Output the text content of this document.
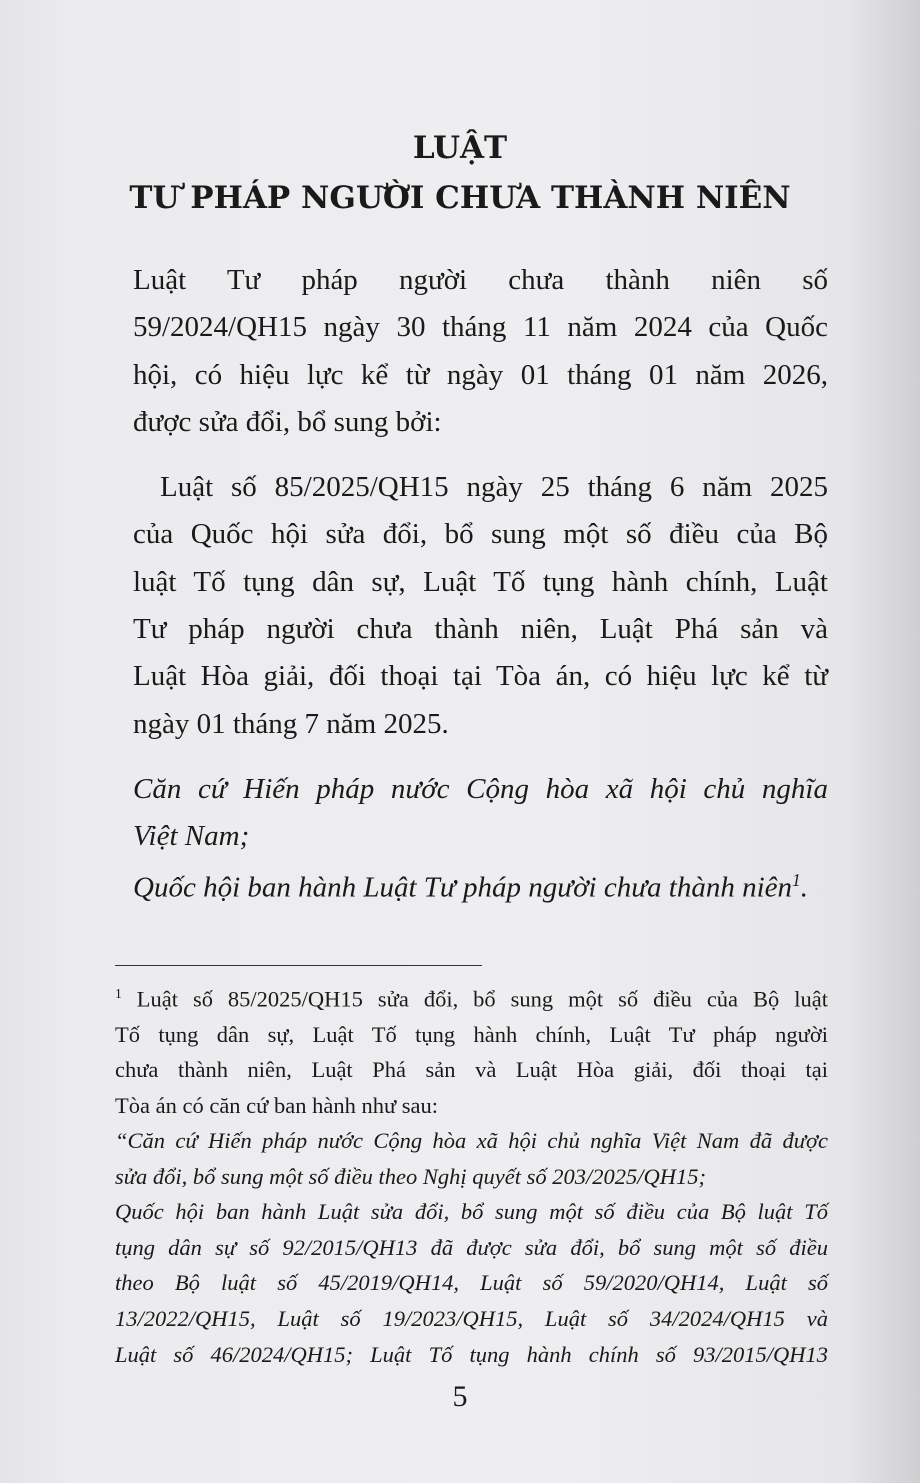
LUẬT
TƯ PHÁP NGƯỜI CHƯA THÀNH NIÊN
Luật Tư pháp người chưa thành niên số
59/2024/QH15 ngày 30 tháng 11 năm 2024 của Quốc
hội, có hiệu lực kể từ ngày 01 tháng 01 năm 2026,
được sửa đổi, bổ sung bởi:
Luật số 85/2025/QH15 ngày 25 tháng 6 năm 2025
của Quốc hội sửa đổi, bổ sung một số điều của Bộ
luật Tố tụng dân sự, Luật Tố tụng hành chính, Luật
Tư pháp người chưa thành niên, Luật Phá sản và
Luật Hòa giải, đối thoại tại Tòa án, có hiệu lực kể từ
ngày 01 tháng 7 năm 2025.
Căn cứ Hiến pháp nước Cộng hòa xã hội chủ nghĩa
Việt Nam;
Quốc hội ban hành Luật Tư pháp người chưa thành niên$^1$.
$^1$ Luật số 85/2025/QH15 sửa đổi, bổ sung một số điều của Bộ luật
Tố tụng dân sự, Luật Tố tụng hành chính, Luật Tư pháp người
chưa thành niên, Luật Phá sản và Luật Hòa giải, đối thoại tại
Tòa án có căn cứ ban hành như sau:
“Căn cứ Hiến pháp nước Cộng hòa xã hội chủ nghĩa Việt Nam đã được
sửa đổi, bổ sung một số điều theo Nghị quyết số 203/2025/QH15;
Quốc hội ban hành Luật sửa đổi, bổ sung một số điều của Bộ luật Tố
tụng dân sự số 92/2015/QH13 đã được sửa đổi, bổ sung một số điều
theo Bộ luật số 45/2019/QH14, Luật số 59/2020/QH14, Luật số
13/2022/QH15, Luật số 19/2023/QH15, Luật số 34/2024/QH15 và
Luật số 46/2024/QH15; Luật Tố tụng hành chính số 93/2015/QH13
5
